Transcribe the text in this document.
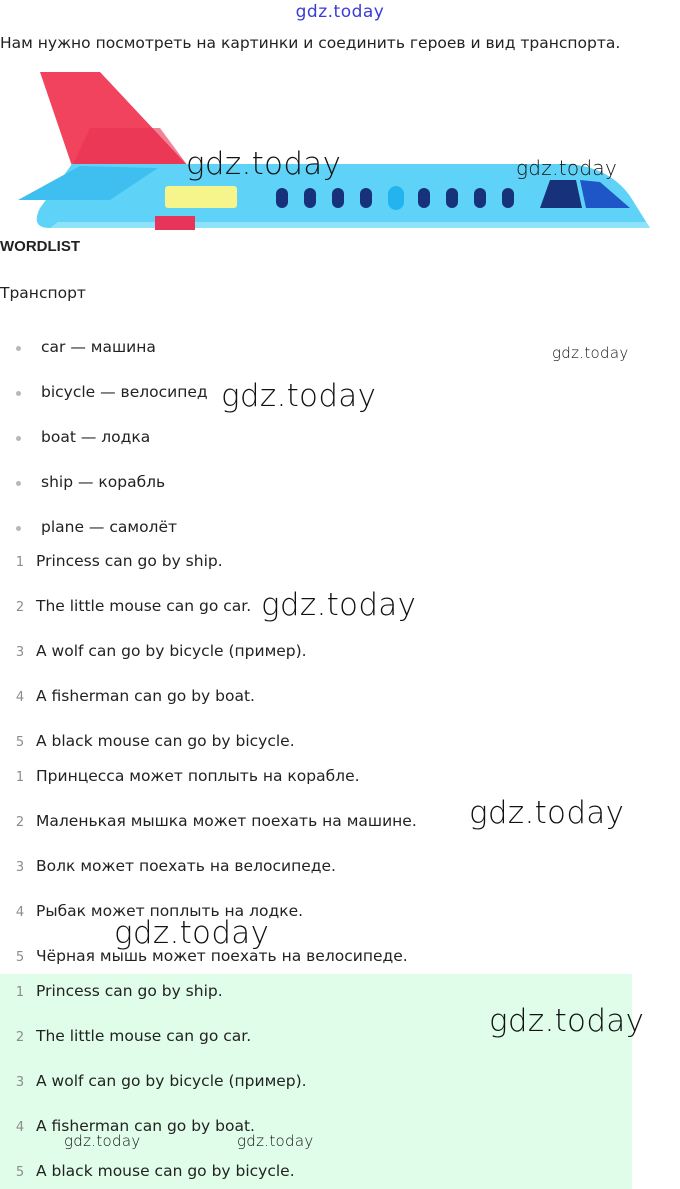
gdz.today
Нам нужно посмотреть на картинки и соединить героев и вид транспорта.
WORDLIST
Транспорт
car — машина
bicycle — велосипед
boat — лодка
ship — корабль
plane — самолёт
1 Princess can go by ship.
2 The little mouse can go car.
3 A wolf can go by bicycle (пример).
4 A fisherman can go by boat.
5 A black mouse can go by bicycle.
1 Принцесса может поплыть на корабле.
2 Маленькая мышка может поехать на машине.
3 Волк может поехать на велосипеде.
4 Рыбак может поплыть на лодке.
5 Чёрная мышь может поехать на велосипеде.
1 Princess can go by ship.
2 The little mouse can go car.
3 A wolf can go by bicycle (пример).
4 A fisherman can go by boat.
5 A black mouse can go by bicycle.
gdz.today	gdz.today
gdz.today
gdz.today
gdz.today
gdz.today
gdz.today
gdz.today
gdz.today	gdz.today
